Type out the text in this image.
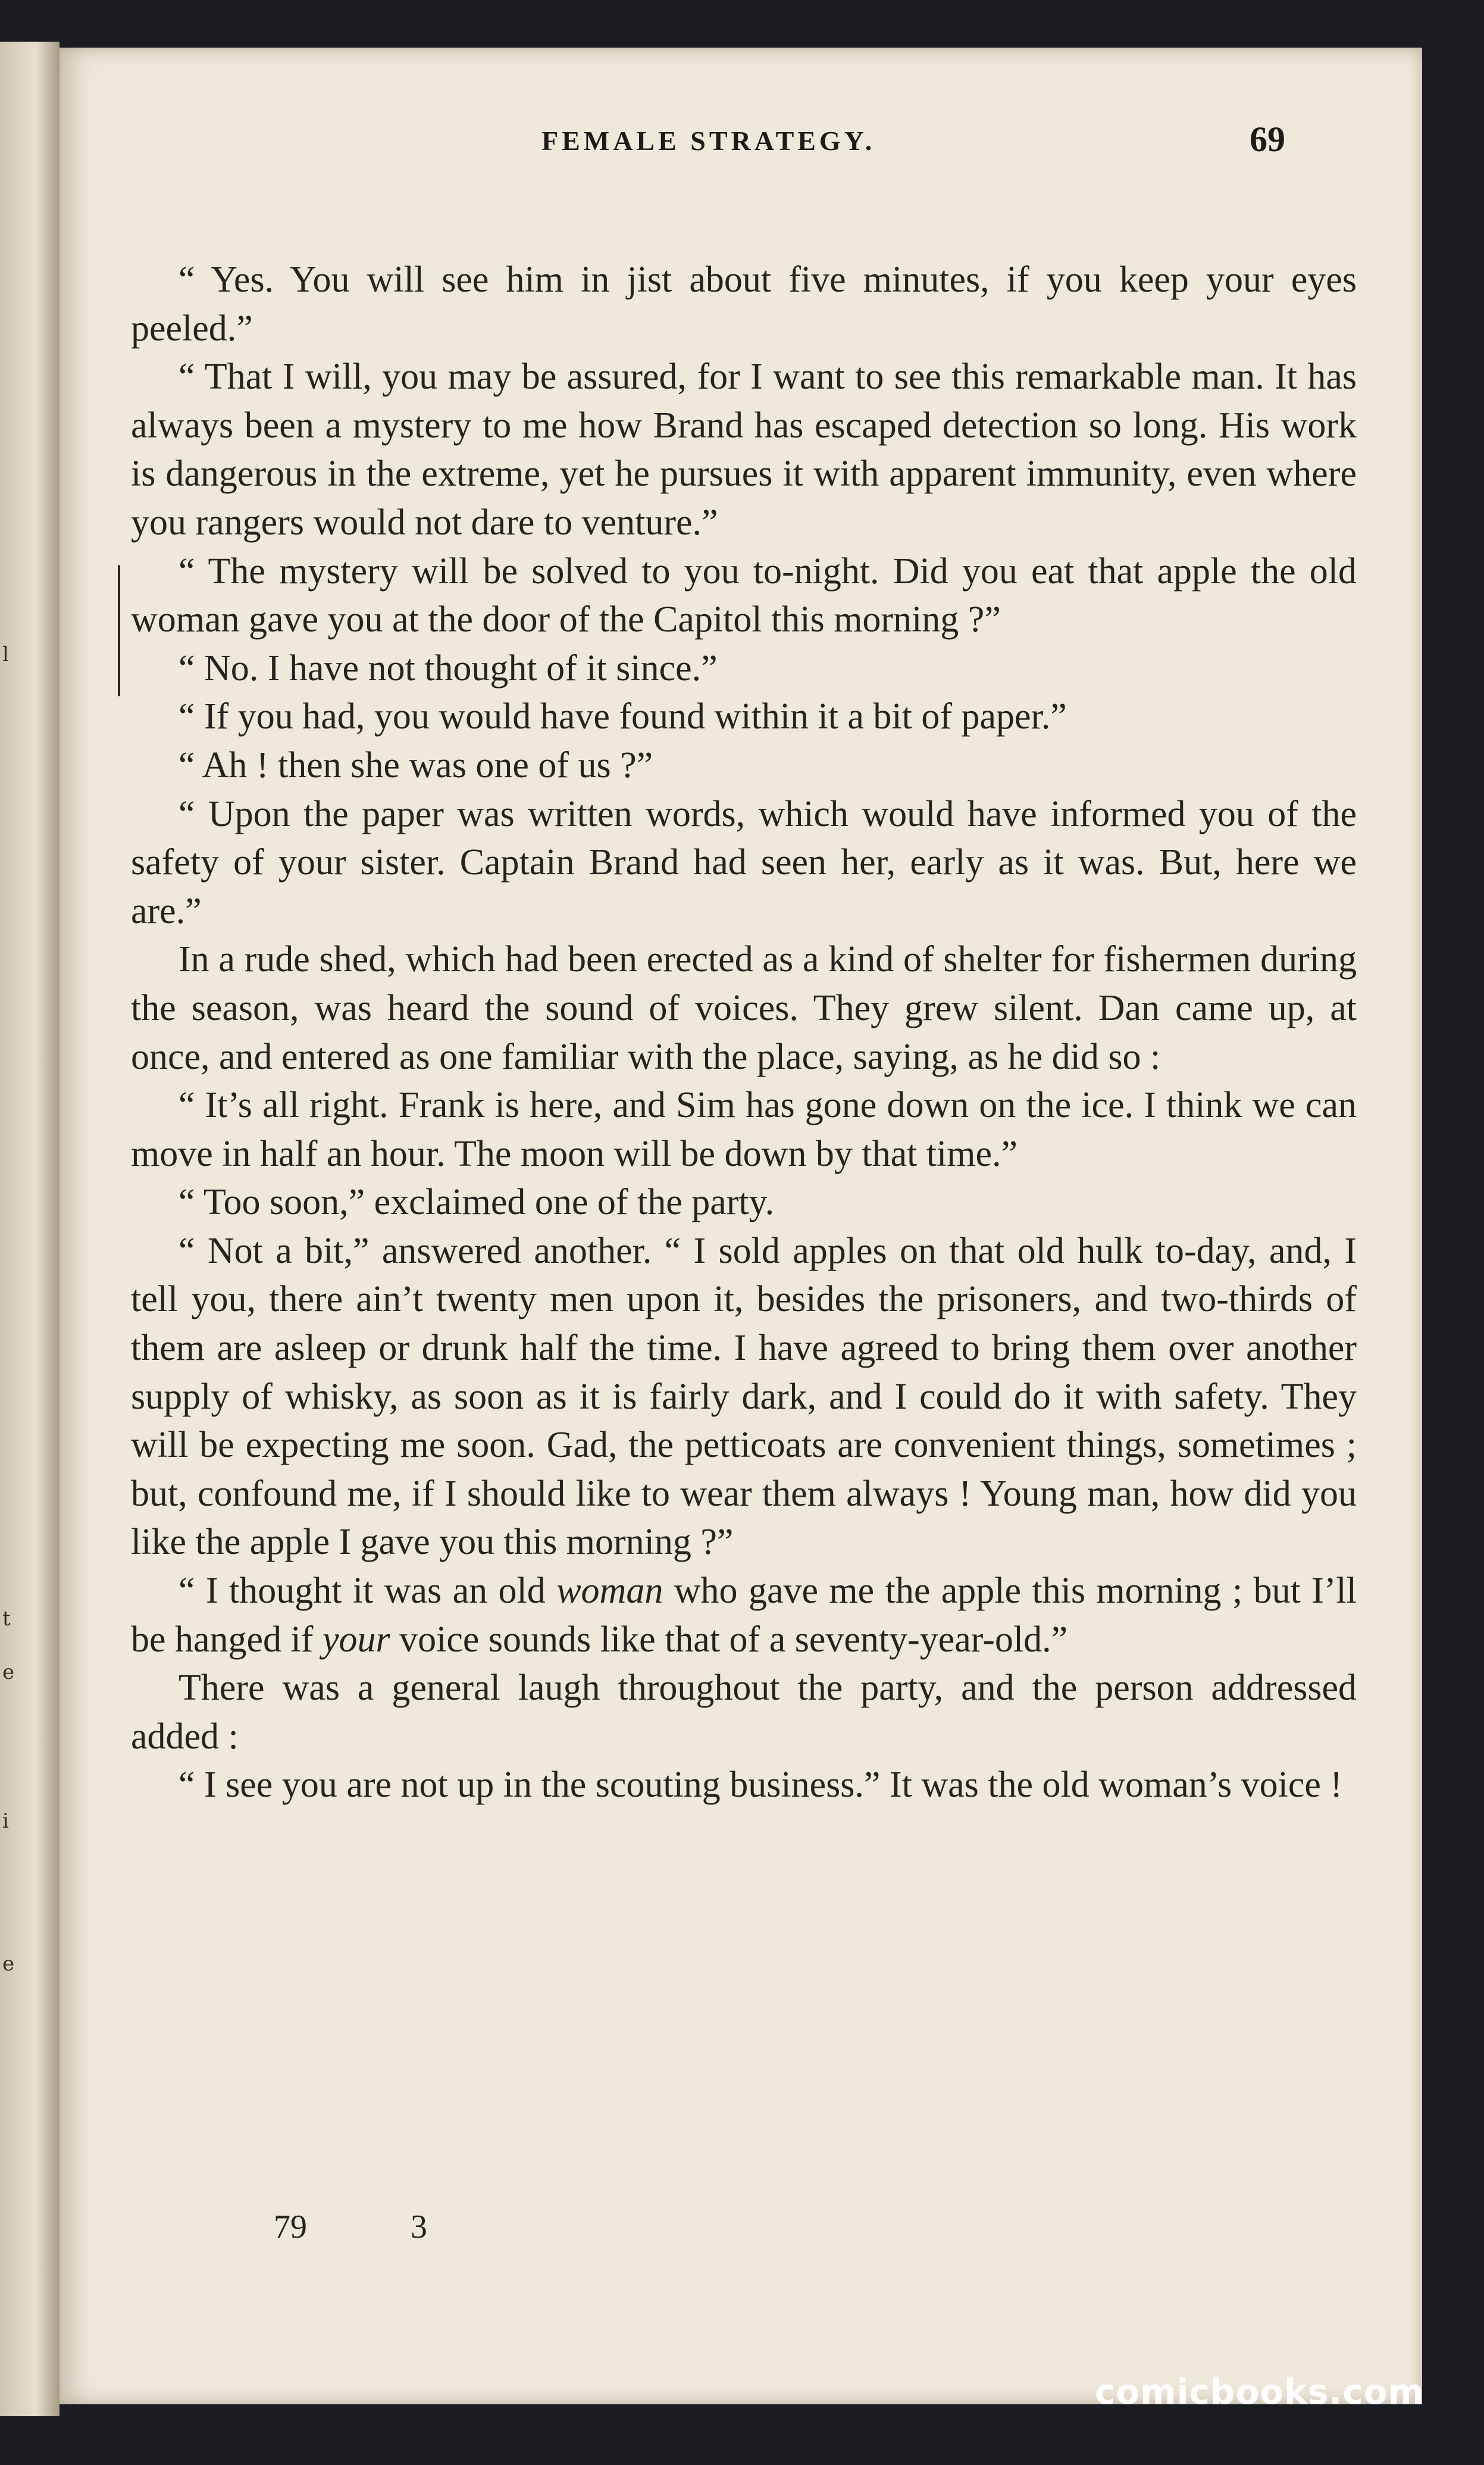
l
t
e
i
e
FEMALE STRATEGY.	69

“ Yes. You will see him in jist about five minutes, if you keep your eyes peeled.”

“ That I will, you may be assured, for I want to see this remarkable man. It has always been a mystery to me how Brand has escaped detection so long. His work is dangerous in the extreme, yet he pursues it with apparent immunity, even where you rangers would not dare to venture.”

“ The mystery will be solved to you to-night. Did you eat that apple the old woman gave you at the door of the Capitol this morning ?”

“ No. I have not thought of it since.”

“ If you had, you would have found within it a bit of paper.”

“ Ah ! then she was one of us ?”

“ Upon the paper was written words, which would have informed you of the safety of your sister. Captain Brand had seen her, early as it was. But, here we are.”

In a rude shed, which had been erected as a kind of shelter for fishermen during the season, was heard the sound of voices. They grew silent. Dan came up, at once, and entered as one familiar with the place, saying, as he did so :

“ It’s all right. Frank is here, and Sim has gone down on the ice. I think we can move in half an hour. The moon will be down by that time.”

“ Too soon,” exclaimed one of the party.

“ Not a bit,” answered another. “ I sold apples on that old hulk to-day, and, I tell you, there ain’t twenty men upon it, besides the prisoners, and two-thirds of them are asleep or drunk half the time. I have agreed to bring them over another supply of whisky, as soon as it is fairly dark, and I could do it with safety. They will be expecting me soon. Gad, the petticoats are convenient things, sometimes ; but, confound me, if I should like to wear them always ! Young man, how did you like the apple I gave you this morning ?”

“ I thought it was an old woman who gave me the apple this morning ; but I’ll be hanged if your voice sounds like that of a seventy-year-old.”

There was a general laugh throughout the party, and the person addressed added :

“ I see you are not up in the scouting business.” It was the old woman’s voice !

79	3
comicbooks.com
